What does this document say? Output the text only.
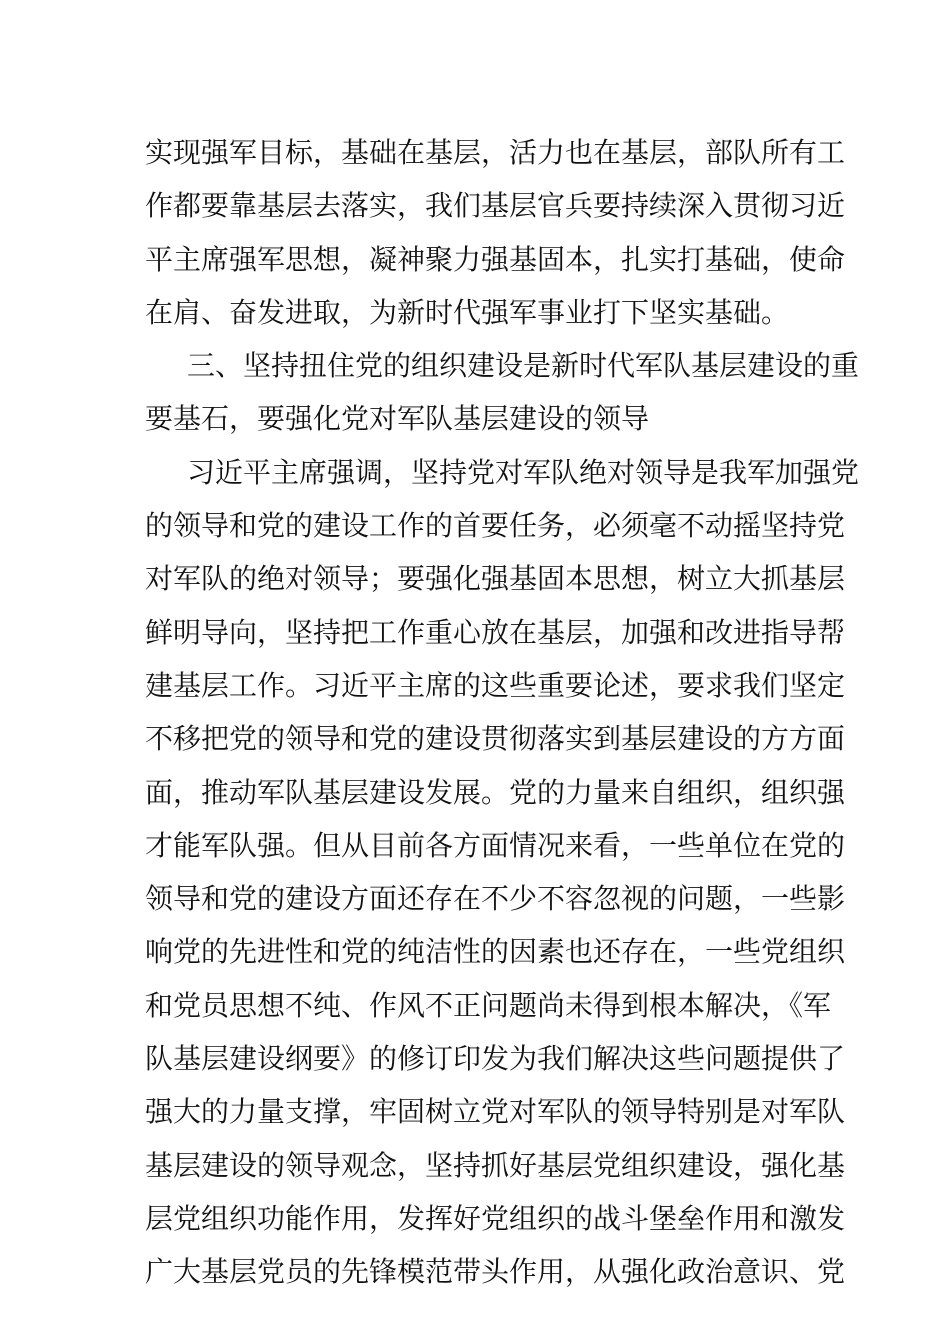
实现强军目标，基础在基层，活力也在基层，部队所有工
作都要靠基层去落实，我们基层官兵要持续深入贯彻习近
平主席强军思想，凝神聚力强基固本，扎实打基础，使命
在肩、奋发进取，为新时代强军事业打下坚实基础。
三、坚持扭住党的组织建设是新时代军队基层建设的重
要基石，要强化党对军队基层建设的领导
习近平主席强调，坚持党对军队绝对领导是我军加强党
的领导和党的建设工作的首要任务，必须毫不动摇坚持党
对军队的绝对领导；要强化强基固本思想，树立大抓基层
鲜明导向，坚持把工作重心放在基层，加强和改进指导帮
建基层工作。习近平主席的这些重要论述，要求我们坚定
不移把党的领导和党的建设贯彻落实到基层建设的方方面
面，推动军队基层建设发展。党的力量来自组织，组织强
才能军队强。但从目前各方面情况来看，一些单位在党的
领导和党的建设方面还存在不少不容忽视的问题，一些影
响党的先进性和党的纯洁性的因素也还存在，一些党组织
和党员思想不纯、作风不正问题尚未得到根本解决，《军
队基层建设纲要》的修订印发为我们解决这些问题提供了
强大的力量支撑，牢固树立党对军队的领导特别是对军队
基层建设的领导观念，坚持抓好基层党组织建设，强化基
层党组织功能作用，发挥好党组织的战斗堡垒作用和激发
广大基层党员的先锋模范带头作用，从强化政治意识、党
